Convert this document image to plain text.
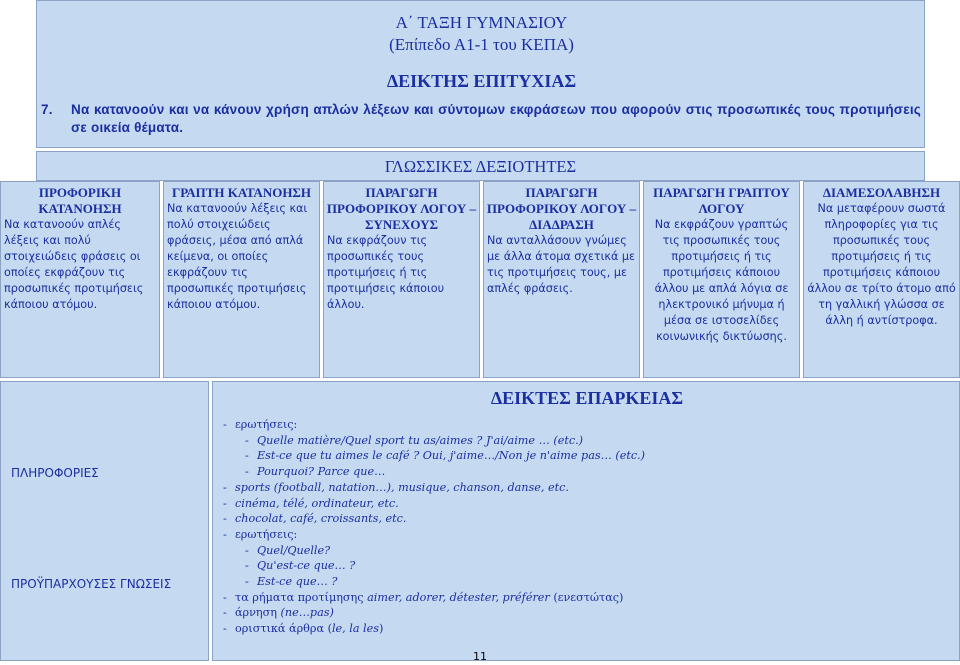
Α΄ ΤΑΞΗ ΓΥΜΝΑΣΙΟΥ
(Επίπεδο Α1-1 του ΚΕΠΑ)
ΔΕΙΚΤΗΣ ΕΠΙΤΥΧΙΑΣ
7. Να κατανοούν και να κάνουν χρήση απλών λέξεων και σύντομων εκφράσεων που αφορούν στις προσωπικές τους προτιμήσεις σε οικεία θέματα.
ΓΛΩΣΣΙΚΕΣ ΔΕΞΙΟΤΗΤΕΣ
ΠΡΟΦΟΡΙΚΗ ΚΑΤΑΝΟΗΣΗ
Να κατανοούν απλές λέξεις και πολύ στοιχειώδεις φράσεις οι οποίες εκφράζουν τις προσωπικές προτιμήσεις κάποιου ατόμου.
ΓΡΑΠΤΗ ΚΑΤΑΝΟΗΣΗ
Να κατανοούν λέξεις και πολύ στοιχειώδεις φράσεις, μέσα από απλά κείμενα, οι οποίες εκφράζουν τις προσωπικές προτιμήσεις κάποιου ατόμου.
ΠΑΡΑΓΩΓΗ ΠΡΟΦΟΡΙΚΟΥ ΛΟΓΟΥ – ΣΥΝΕΧΟΥΣ
Να εκφράζουν τις προσωπικές τους προτιμήσεις ή τις προτιμήσεις κάποιου άλλου.
ΠΑΡΑΓΩΓΗ ΠΡΟΦΟΡΙΚΟΥ ΛΟΓΟΥ – ΔΙΑΔΡΑΣΗ
Να ανταλλάσουν γνώμες με άλλα άτομα σχετικά με τις προτιμήσεις τους, με απλές φράσεις.
ΠΑΡΑΓΩΓΗ ΓΡΑΠΤΟΥ ΛΟΓΟΥ
Να εκφράζουν γραπτώς τις προσωπικές τους προτιμήσεις ή τις προτιμήσεις κάποιου άλλου με απλά λόγια σε ηλεκτρονικό μήνυμα ή μέσα σε ιστοσελίδες κοινωνικής δικτύωσης.
ΔΙΑΜΕΣΟΛΑΒΗΣΗ
Να μεταφέρουν σωστά πληροφορίες για τις προσωπικές τους προτιμήσεις ή τις προτιμήσεις κάποιου άλλου σε τρίτο άτομο από τη γαλλική γλώσσα σε άλλη ή αντίστροφα.
ΠΛΗΡΟΦΟΡΙΕΣ
ΠΡΟΫΠΑΡΧΟΥΣΕΣ ΓΝΩΣΕΙΣ
ΔΕΙΚΤΕΣ ΕΠΑΡΚΕΙΑΣ
- ερωτήσεις:
- Quelle matière/Quel sport tu as/aimes ? J'ai/aime … (etc.)
- Est-ce que tu aimes le café ? Oui, j'aime…/Non je n'aime pas… (etc.)
- Pourquoi? Parce que…
- sports (football, natation…), musique, chanson, danse, etc.
- cinéma, télé, ordinateur, etc.
- chocolat, café, croissants, etc.
- ερωτήσεις:
- Quel/Quelle?
- Qu'est-ce que… ?
- Est-ce que… ?
- τα ρήματα προτίμησης aimer, adorer, détester, préférer (ενεστώτας)
- άρνηση (ne…pas)
- οριστικά άρθρα (le, la les)
11
